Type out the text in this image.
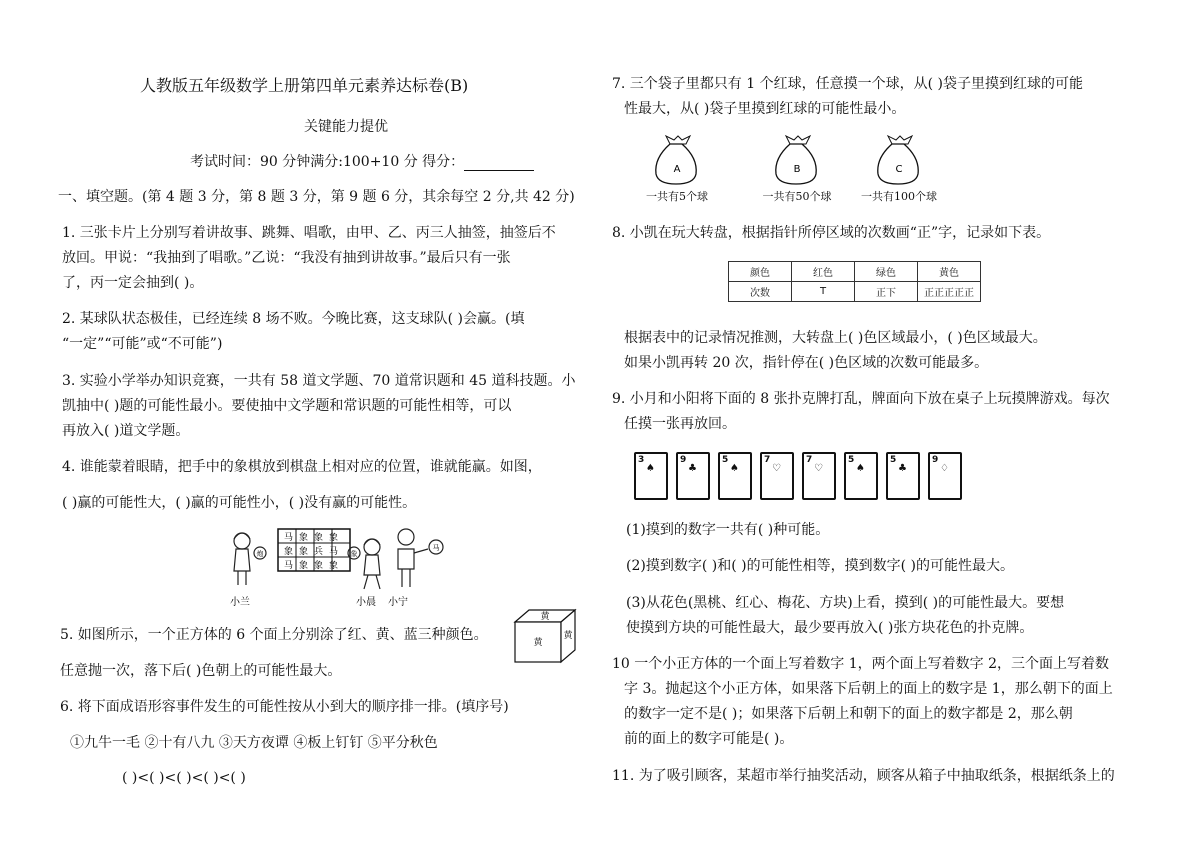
人教版五年级数学上册第四单元素养达标卷(B)
关键能力提优
考试时间：90 分钟满分:100+10 分 得分：
一、填空题。(第 4 题 3 分，第 8 题 3 分，第 9 题 6 分，其余每空 2 分,共 42 分)
1. 三张卡片上分别写着讲故事、跳舞、唱歌，由甲、乙、丙三人抽签，抽签后不
放回。甲说：“我抽到了唱歌。”乙说：“我没有抽到讲故事。”最后只有一张
了，丙一定会抽到( )。
2. 某球队状态极佳，已经连续 8 场不败。今晚比赛，这支球队( )会赢。(填
“一定”“可能”或“不可能”)
3. 实验小学举办知识竞赛，一共有 58 道文学题、70 道常识题和 45 道科技题。小
凯抽中( )题的可能性最小。要使抽中文学题和常识题的可能性相等，可以
再放入( )道文学题。
4. 谁能蒙着眼睛，把手中的象棋放到棋盘上相对应的位置，谁就能赢。如图，
( )赢的可能性大，( )赢的可能性小，( )没有赢的可能性。
炮
马象象象
象象兵马
马象象象
象
马
小兰	小晨 小宁
5. 如图所示，一个正方体的 6 个面上分别涂了红、黄、蓝三种颜色。
任意抛一次，落下后( )色朝上的可能性最大。
黄
黄
黄
6. 将下面成语形容事件发生的可能性按从小到大的顺序排一排。(填序号)
①九牛一毛 ②十有八九 ③天方夜谭 ④板上钉钉 ⑤平分秋色
( )<( )<( )<( )<( )
7. 三个袋子里都只有 1 个红球，任意摸一个球，从( )袋子里摸到红球的可能
性最大，从( )袋子里摸到红球的可能性最小。
A
一共有5个球
B
一共有50个球
C
一共有100个球
8. 小凯在玩大转盘，根据指针所停区域的次数画“正”字，记录如下表。
颜色	红色	绿色	黄色
次数	T	正下	正正正正正
根据表中的记录情况推测，大转盘上( )色区域最小，( )色区域最大。
如果小凯再转 20 次，指针停在( )色区域的次数可能最多。
9. 小月和小阳将下面的 8 张扑克牌打乱，牌面向下放在桌子上玩摸牌游戏。每次
任摸一张再放回。
3
♠
9
♣
5
♠
7
♡
7
♡
5
♠
5
♣
9
♢
(1)摸到的数字一共有( )种可能。
(2)摸到数字( )和( )的可能性相等，摸到数字( )的可能性最大。
(3)从花色(黑桃、红心、梅花、方块)上看，摸到( )的可能性最大。要想
使摸到方块的可能性最大，最少要再放入( )张方块花色的扑克牌。
10 一个小正方体的一个面上写着数字 1，两个面上写着数字 2，三个面上写着数
字 3。抛起这个小正方体，如果落下后朝上的面上的数字是 1，那么朝下的面上
的数字一定不是( )；如果落下后朝上和朝下的面上的数字都是 2，那么朝
前的面上的数字可能是( )。
11. 为了吸引顾客，某超市举行抽奖活动，顾客从箱子中抽取纸条，根据纸条上的
